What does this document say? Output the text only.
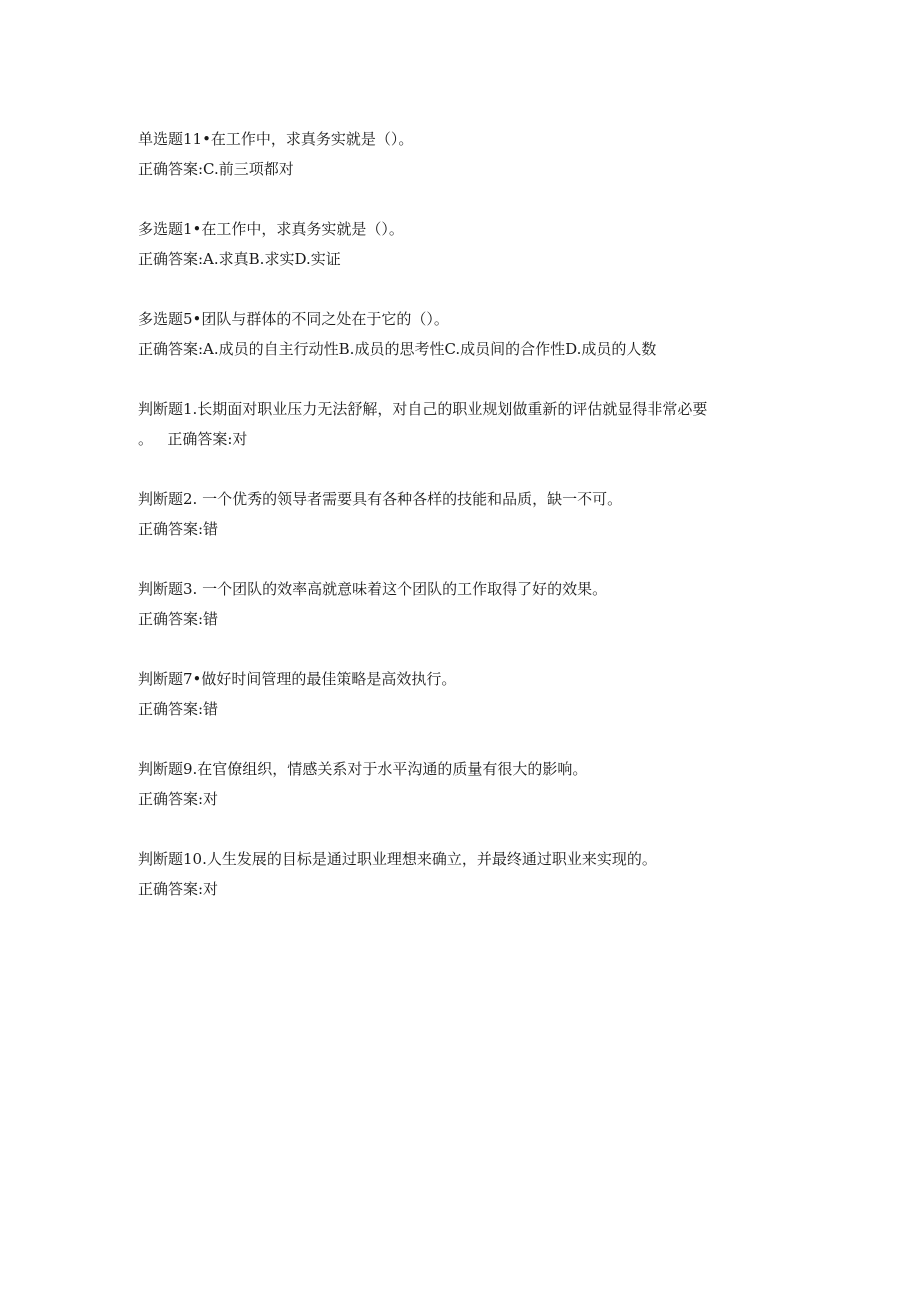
单选题11•在工作中，求真务实就是（）。
正确答案:C.前三项都对
多选题1•在工作中，求真务实就是（）。
正确答案:A.求真B.求实D.实证
多选题5•团队与群体的不同之处在于它的（）。
正确答案:A.成员的自主行动性B.成员的思考性C.成员间的合作性D.成员的人数
判断题1.长期面对职业压力无法舒解，对自己的职业规划做重新的评估就显得非常必要
。 正确答案:对
判断题2. 一个优秀的领导者需要具有各种各样的技能和品质，缺一不可。
正确答案:错
判断题3. 一个团队的效率高就意味着这个团队的工作取得了好的效果。
正确答案:错
判断题7•做好时间管理的最佳策略是高效执行。
正确答案:错
判断题9.在官僚组织，情感关系对于水平沟通的质量有很大的影响。
正确答案:对
判断题10.人生发展的目标是通过职业理想来确立，并最终通过职业来实现的。
正确答案:对
